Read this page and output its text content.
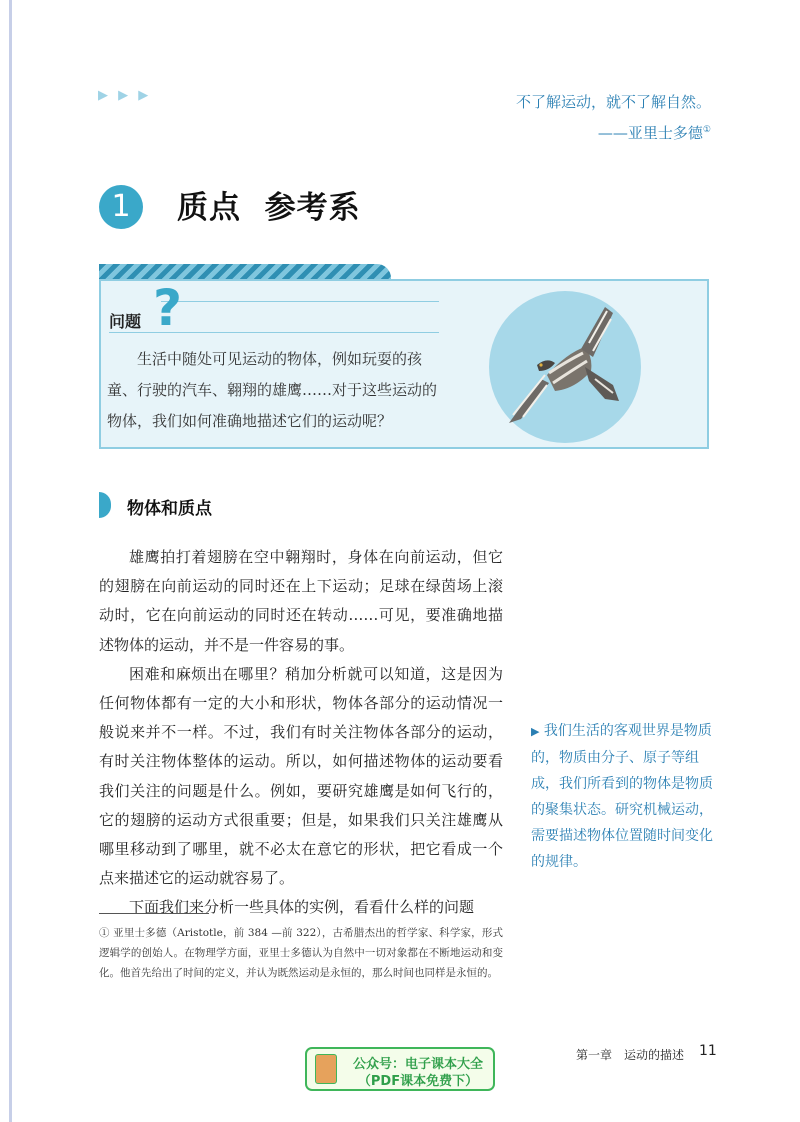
▶ ▶ ▶	不了解运动，就不了解自然。
——亚里士多德①
1	质点  参考系
问题 ?
生活中随处可见运动的物体，例如玩耍的孩童、行驶的汽车、翱翔的雄鹰……对于这些运动的物体，我们如何准确地描述它们的运动呢？
物体和质点

雄鹰拍打着翅膀在空中翱翔时，身体在向前运动，但它的翅膀在向前运动的同时还在上下运动；足球在绿茵场上滚动时，它在向前运动的同时还在转动……可见，要准确地描述物体的运动，并不是一件容易的事。

困难和麻烦出在哪里？稍加分析就可以知道，这是因为任何物体都有一定的大小和形状，物体各部分的运动情况一般说来并不一样。不过，我们有时关注物体各部分的运动，有时关注物体整体的运动。所以，如何描述物体的运动要看我们关注的问题是什么。例如，要研究雄鹰是如何飞行的，它的翅膀的运动方式很重要；但是，如果我们只关注雄鹰从哪里移动到了哪里，就不必太在意它的形状，把它看成一个点来描述它的运动就容易了。

下面我们来分析一些具体的实例，看看什么样的问题

▶ 我们生活的客观世界是物质的，物质由分子、原子等组成，我们所看到的物体是物质的聚集状态。研究机械运动，需要描述物体位置随时间变化的规律。
① 亚里士多德（Aristotle，前 384 —前 322），古希腊杰出的哲学家、科学家，形式逻辑学的创始人。在物理学方面，亚里士多德认为自然中一切对象都在不断地运动和变化。他首先给出了时间的定义，并认为既然运动是永恒的，那么时间也同样是永恒的。
公众号：电子课本大全
（PDF课本免费下）
第一章　运动的描述 11
